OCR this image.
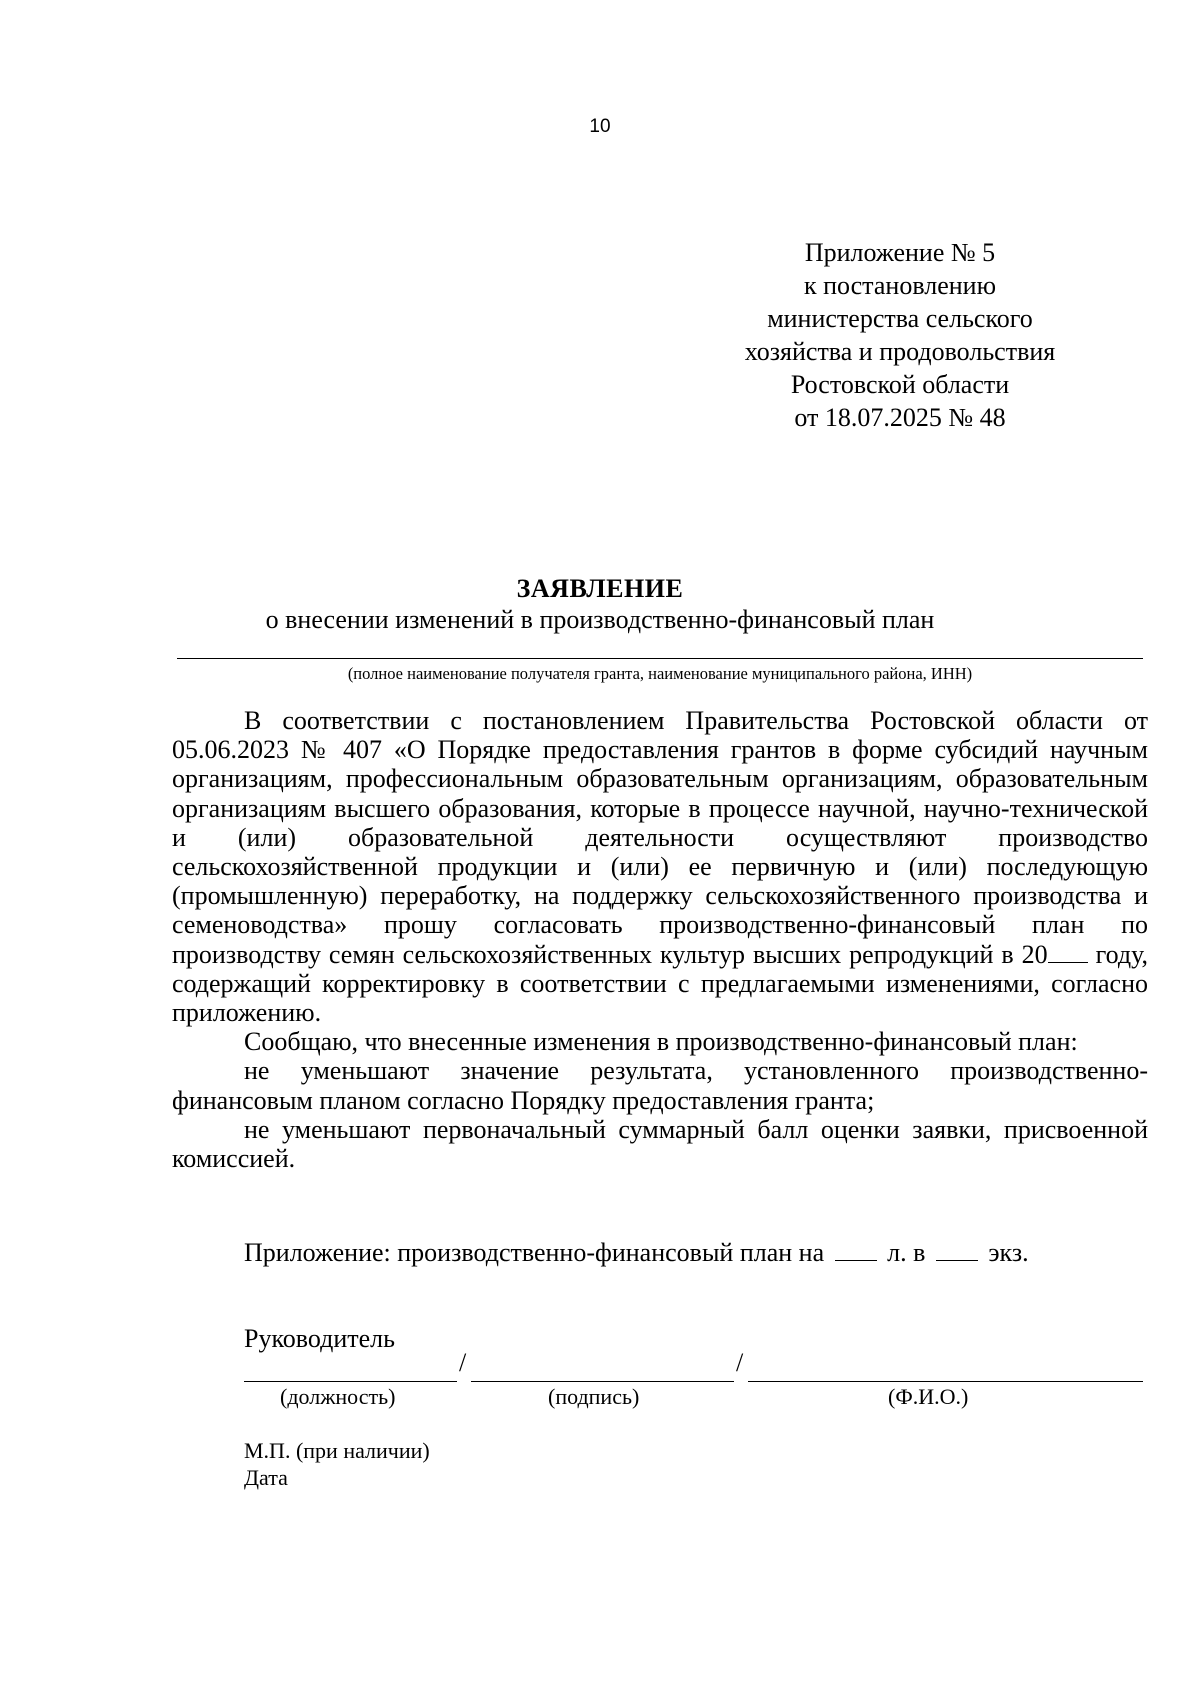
10
Приложение № 5
к постановлению
министерства сельского
хозяйства и продовольствия
Ростовской области
от 18.07.2025 № 48
ЗАЯВЛЕНИЕ
о внесении изменений в производственно-финансовый план
(полное наименование получателя гранта, наименование муниципального района, ИНН)

В соответствии с постановлением Правительства Ростовской области от 05.06.2023 № 407 «О Порядке предоставления грантов в форме субсидий научным организациям, профессиональным образовательным организациям, образовательным организациям высшего образования, которые в процессе научной, научно-технической и (или) образовательной деятельности осуществляют производство сельскохозяйственной продукции и (или) ее первичную и (или) последующую (промышленную) переработку, на поддержку сельскохозяйственного производства и семеноводства» прошу согласовать производственно-финансовый план по производству семян сельскохозяйственных культур высших репродукций в 20 году, содержащий корректировку в соответствии с предлагаемыми изменениями, согласно приложению.

Сообщаю, что внесенные изменения в производственно-финансовый план:

не уменьшают значение результата, установленного производственно-финансовым планом согласно Порядку предоставления гранта;

не уменьшают первоначальный суммарный балл оценки заявки, присвоенной комиссией.

Приложение: производственно-финансовый план на л. в экз.
Руководитель
/	/
(должность)	(подпись)	(Ф.И.О.)
М.П. (при наличии)
Дата
